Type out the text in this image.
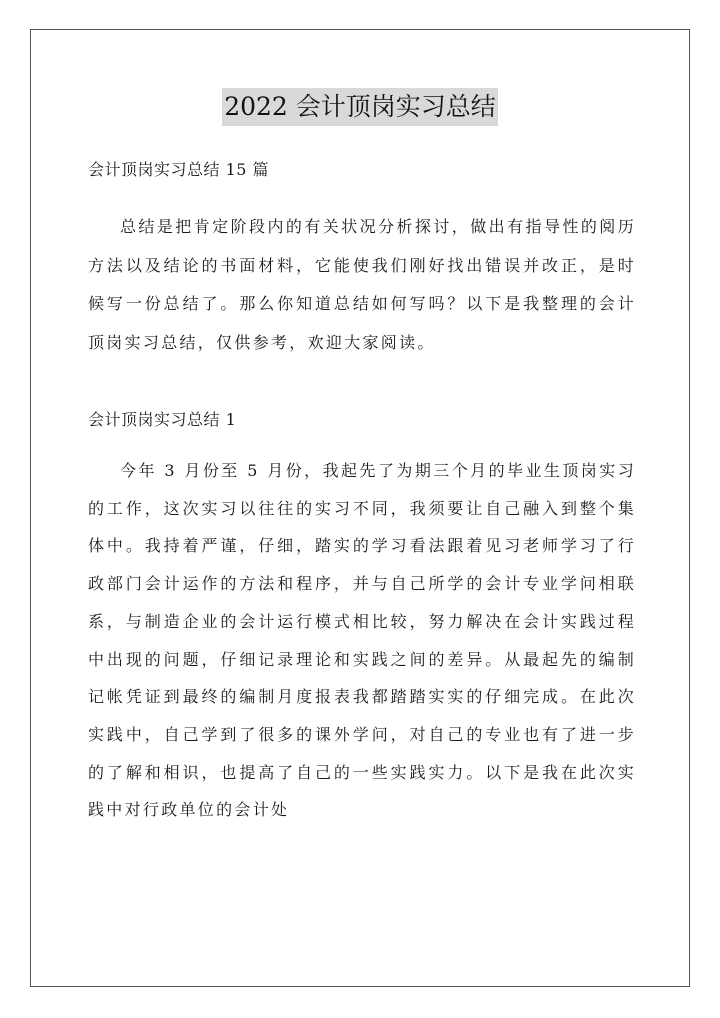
2022 会计顶岗实习总结
会计顶岗实习总结 15 篇

总结是把肯定阶段内的有关状况分析探讨，做出有指导性的阅历方法以及结论的书面材料，它能使我们刚好找出错误并改正，是时候写一份总结了。那么你知道总结如何写吗？以下是我整理的会计顶岗实习总结，仅供参考，欢迎大家阅读。

会计顶岗实习总结 1

今年 3 月份至 5 月份，我起先了为期三个月的毕业生顶岗实习的工作，这次实习以往往的实习不同，我须要让自己融入到整个集体中。我持着严谨，仔细，踏实的学习看法跟着见习老师学习了行政部门会计运作的方法和程序，并与自己所学的会计专业学问相联系，与制造企业的会计运行模式相比较，努力解决在会计实践过程中出现的问题，仔细记录理论和实践之间的差异。从最起先的编制记帐凭证到最终的编制月度报表我都踏踏实实的仔细完成。在此次实践中，自己学到了很多的课外学问，对自己的专业也有了进一步的了解和相识，也提高了自己的一些实践实力。以下是我在此次实践中对行政单位的会计处
